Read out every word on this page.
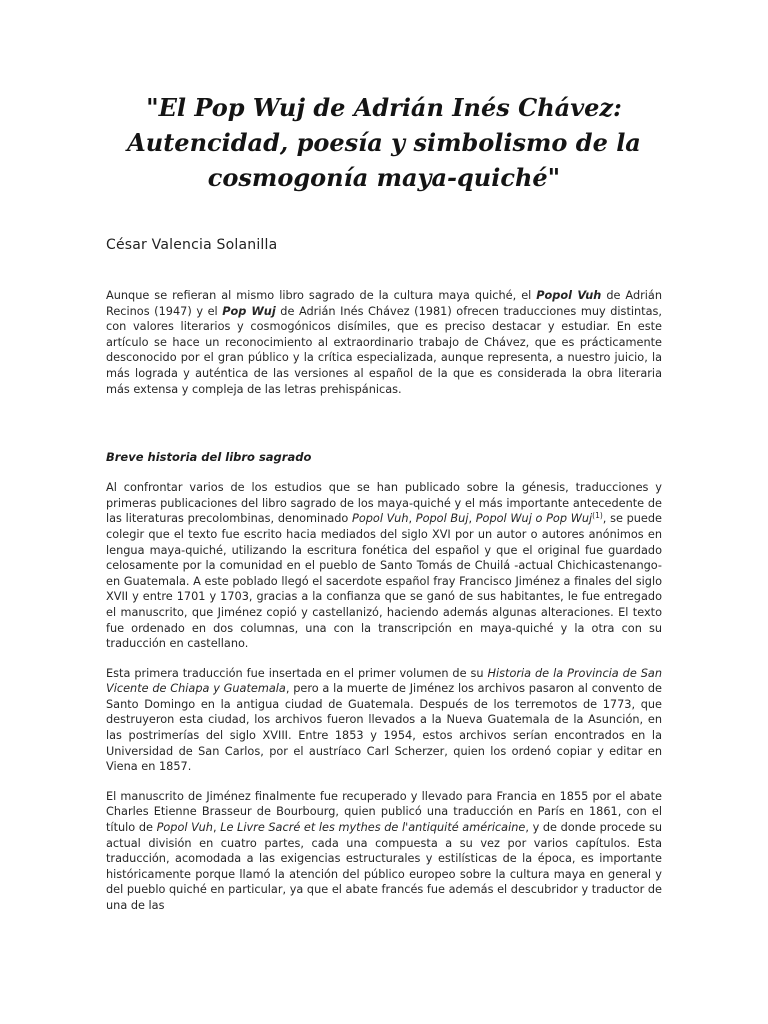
"El Pop Wuj de Adrián Inés Chávez:
Autencidad, poesía y simbolismo de la
cosmogonía maya-quiché"
César Valencia Solanilla

Aunque se refieran al mismo libro sagrado de la cultura maya quiché, el Popol Vuh de Adrián Recinos (1947) y el Pop Wuj de Adrián Inés Chávez (1981) ofrecen traducciones muy distintas, con valores literarios y cosmogónicos disímiles, que es preciso destacar y estudiar. En este artículo se hace un reconocimiento al extraordinario trabajo de Chávez, que es prácticamente desconocido por el gran público y la crítica especializada, aunque representa, a nuestro juicio, la más lograda y auténtica de las versiones al español de la que es considerada la obra literaria más extensa y compleja de las letras prehispánicas.

Breve historia del libro sagrado

Al confrontar varios de los estudios que se han publicado sobre la génesis, traducciones y primeras publicaciones del libro sagrado de los maya-quiché y el más importante antecedente de las literaturas precolombinas, denominado Popol Vuh, Popol Buj, Popol Wuj o Pop Wuj$^{(1)}$, se puede colegir que el texto fue escrito hacia mediados del siglo XVI por un autor o autores anónimos en lengua maya-quiché, utilizando la escritura fonética del español y que el original fue guardado celosamente por la comunidad en el pueblo de Santo Tomás de Chuilá -actual Chichicastenango- en Guatemala. A este poblado llegó el sacerdote español fray Francisco Jiménez a finales del siglo XVII y entre 1701 y 1703, gracias a la confianza que se ganó de sus habitantes, le fue entregado el manuscrito, que Jiménez copió y castellanizó, haciendo además algunas alteraciones. El texto fue ordenado en dos columnas, una con la transcripción en maya-quiché y la otra con su traducción en castellano.

Esta primera traducción fue insertada en el primer volumen de su Historia de la Provincia de San Vicente de Chiapa y Guatemala, pero a la muerte de Jiménez los archivos pasaron al convento de Santo Domingo en la antigua ciudad de Guatemala. Después de los terremotos de 1773, que destruyeron esta ciudad, los archivos fueron llevados a la Nueva Guatemala de la Asunción, en las postrimerías del siglo XVIII. Entre 1853 y 1954, estos archivos serían encontrados en la Universidad de San Carlos, por el austríaco Carl Scherzer, quien los ordenó copiar y editar en Viena en 1857.

El manuscrito de Jiménez finalmente fue recuperado y llevado para Francia en 1855 por el abate Charles Etienne Brasseur de Bourbourg, quien publicó una traducción en París en 1861, con el título de Popol Vuh, Le Livre Sacré et les mythes de l'antiquité américaine, y de donde procede su actual división en cuatro partes, cada una compuesta a su vez por varios capítulos. Esta traducción, acomodada a las exigencias estructurales y estilísticas de la época, es importante históricamente porque llamó la atención del público europeo sobre la cultura maya en general y del pueblo quiché en particular, ya que el abate francés fue además el descubridor y traductor de una de las
